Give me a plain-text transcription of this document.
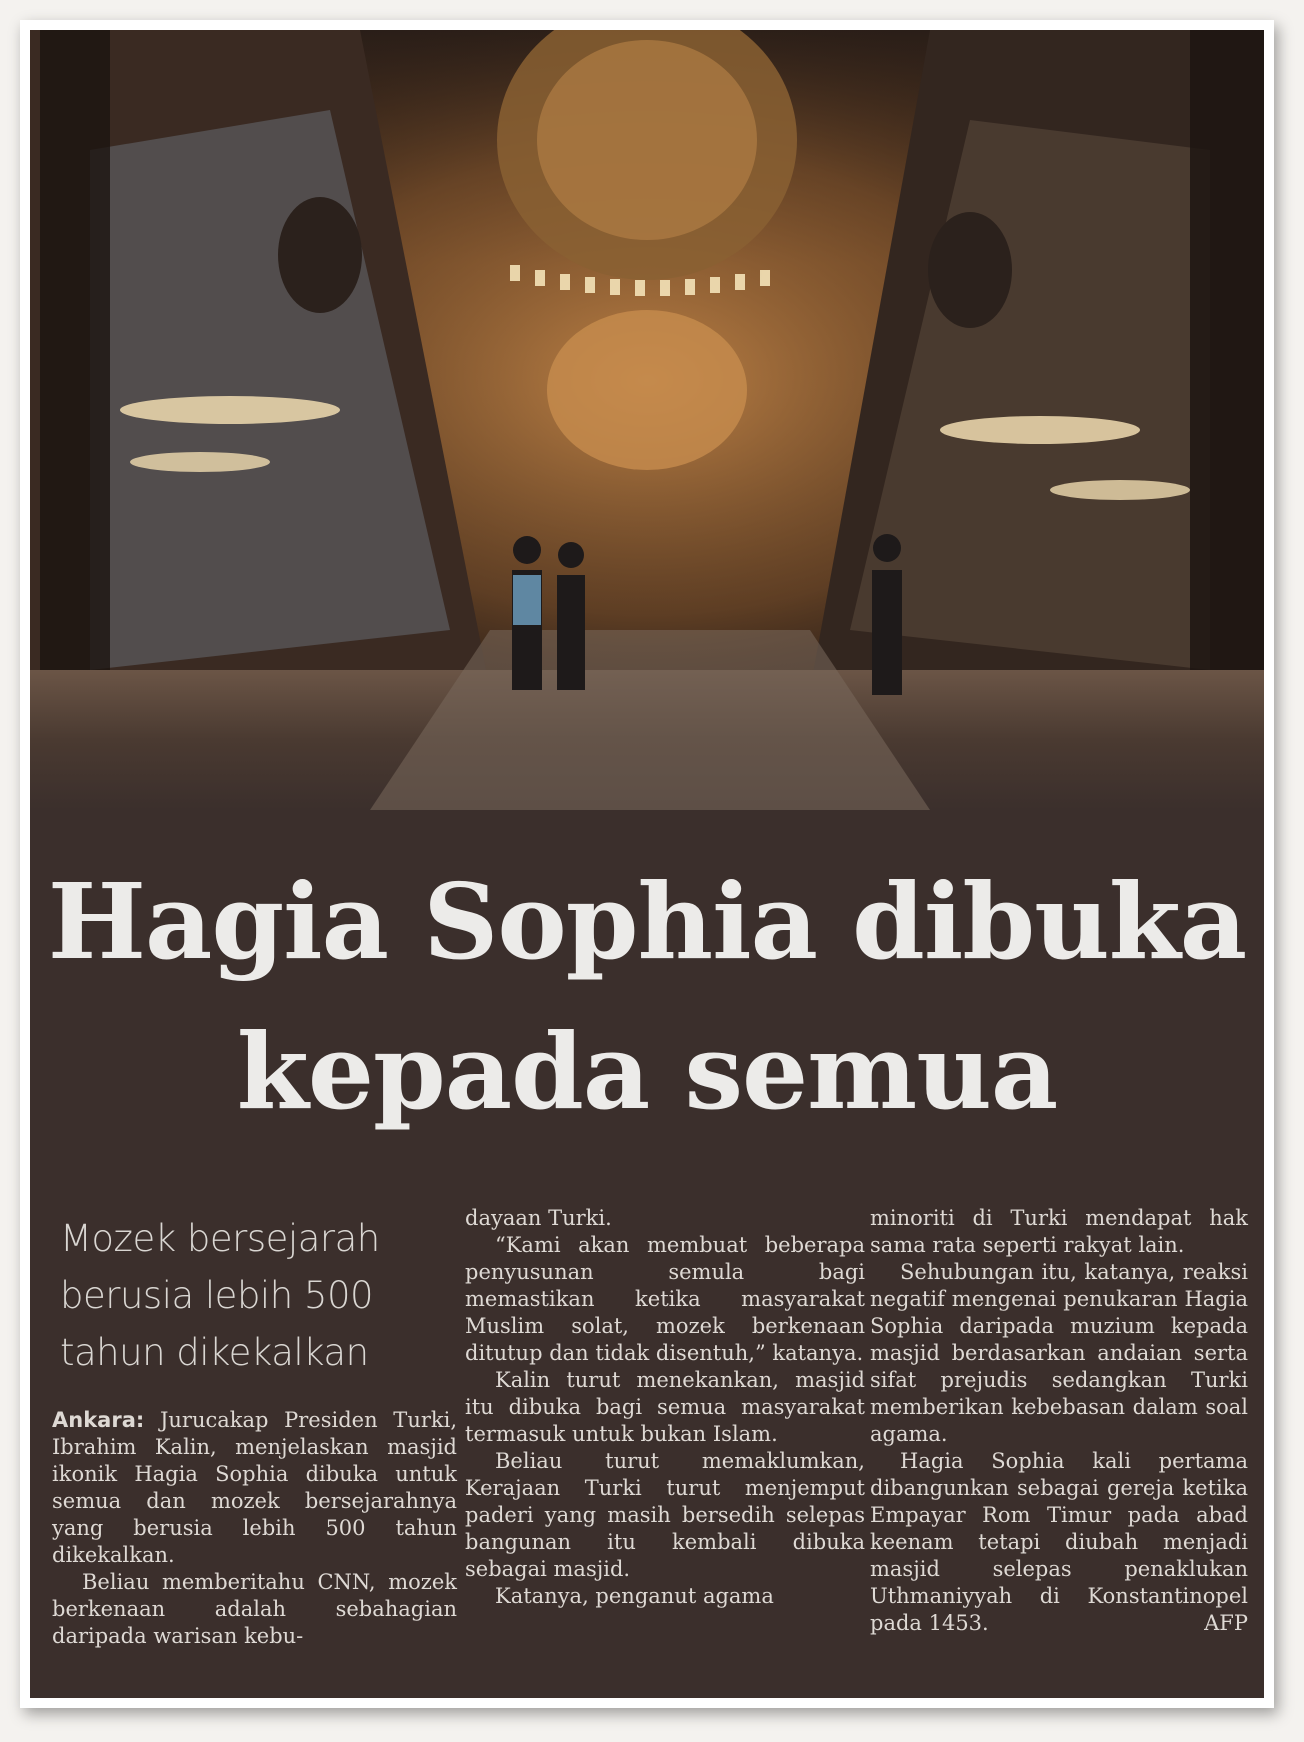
Hagia Sophia dibuka
kepada semua
Mozek bersejarah
berusia lebih 500
tahun dikekalkan

Ankara: Jurucakap Presiden Turki, Ibrahim Kalin, menjelaskan masjid ikonik Hagia Sophia dibuka untuk semua dan mozek bersejarahnya yang berusia lebih 500 tahun dikekalkan.

Beliau memberitahu CNN, mozek berkenaan adalah sebahagian daripada warisan kebu-

dayaan Turki.

“Kami akan membuat beberapa penyusunan semula bagi memastikan ketika masyarakat Muslim solat, mozek berkenaan ditutup dan tidak disentuh,” katanya.

Kalin turut menekankan, masjid itu dibuka bagi semua masyarakat termasuk untuk bukan Islam.

Beliau turut memaklumkan, Kerajaan Turki turut menjemput paderi yang masih bersedih selepas bangunan itu kembali dibuka sebagai masjid.

Katanya, penganut agama

minoriti di Turki mendapat hak sama rata seperti rakyat lain.

Sehubungan itu, katanya, reaksi negatif mengenai penukaran Hagia Sophia daripada muzium kepada masjid berdasarkan andaian serta sifat prejudis sedangkan Turki memberikan kebebasan dalam soal agama.

Hagia Sophia kali pertama dibangunkan sebagai gereja ketika Empayar Rom Timur pada abad keenam tetapi diubah menjadi masjid selepas penaklukan Uthmaniyyah di Konstantinopel pada 1453.	AFP
